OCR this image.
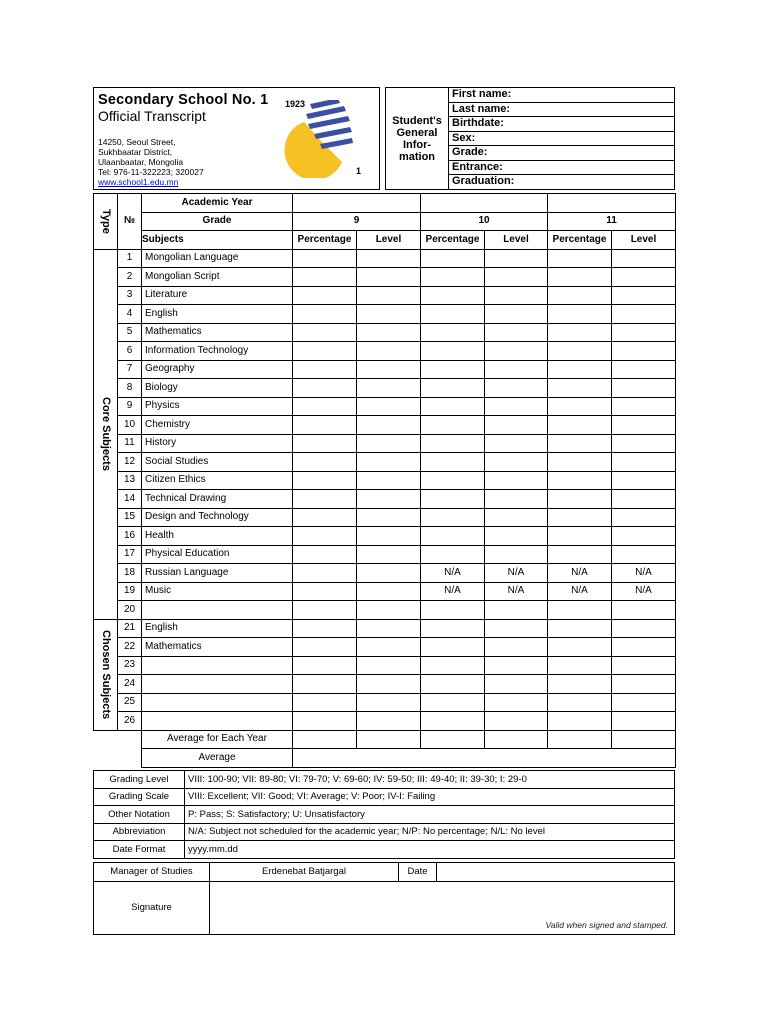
Secondary School No. 1 1923
Official Transcript
14250, Seoul Street,
Sukhbaatar District,
Ulaanbaatar, Mongolia
Tel: 976-11-322223; 320027
www.school1.edu.mn
1
Student's
General
Infor-
mation
First name:
Last name:
Birthdate:
Sex:
Grade:
Entrance:
Graduation:
Type	№	Academic Year						
		Grade	9		10		11	
		Subjects	Percentage	Level	Percentage	Level	Percentage	Level

Core Subjects	1	Mongolian Language						
	2	Mongolian Script						
	3	Literature						
	4	English						
	5	Mathematics						
	6	Information Technology						
	7	Geography						
	8	Biology						
	9	Physics						
	10	Chemistry						
	11	History						
	12	Social Studies						
	13	Citizen Ethics						
	14	Technical Drawing						
	15	Design and Technology						
	16	Health						
	17	Physical Education						
	18	Russian Language			N/A	N/A	N/A	N/A
	19	Music			N/A	N/A	N/A	N/A
	20							

Chosen Subjects	21	English						
	22	Mathematics						
	23							
	24							
	25							
	26							
		Average for Each Year						
		Average						
Grading Level	VIII: 100-90; VII: 89-80; VI: 79-70; V: 69-60; IV: 59-50; III: 49-40; II: 39-30; I: 29-0
Grading Scale	VIII: Excellent; VII: Good; VI: Average; V: Poor; IV-I: Failing
Other Notation	P: Pass; S: Satisfactory; U: Unsatisfactory
Abbreviation	N/A: Subject not scheduled for the academic year; N/P: No percentage; N/L: No level
Date Format	yyyy.mm.dd
Manager of Studies	Erdenebat Batjargal	Date	
Signature	Valid when signed and stamped.		
